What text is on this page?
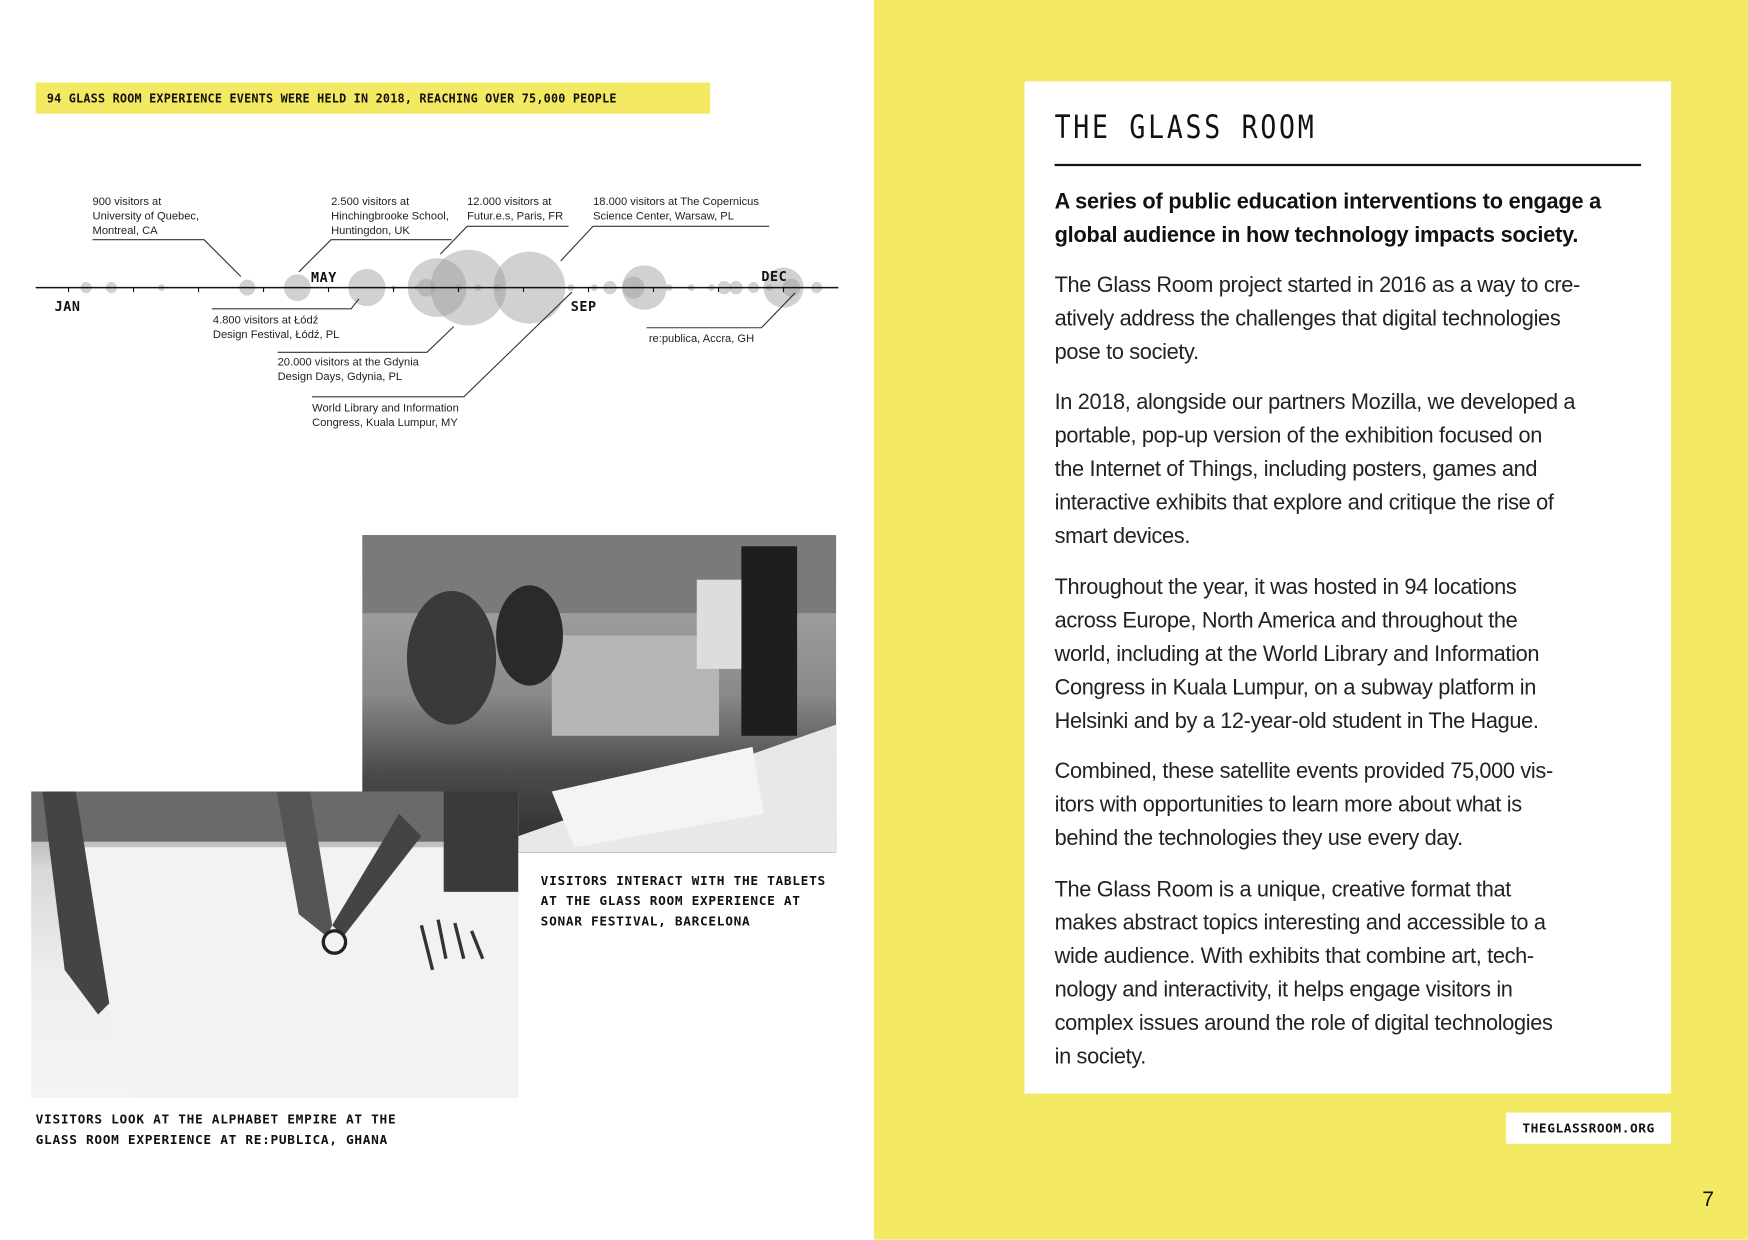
94 GLASS ROOM EXPERIENCE EVENTS WERE HELD IN 2018, REACHING OVER 75,000 PEOPLE
JAN
MAY
SEP
DEC
900 visitors at
University of Quebec,
Montreal, CA
2.500 visitors at
Hinchingbrooke School,
Huntingdon, UK
12.000 visitors at
Futur.e.s, Paris, FR
18.000 visitors at The Copernicus
Science Center, Warsaw, PL
4.800 visitors at Łódź
Design Festival, Łódź, PL
20.000 visitors at the Gdynia
Design Days, Gdynia, PL
World Library and Information
Congress, Kuala Lumpur, MY
re:publica, Accra, GH
VISITORS INTERACT WITH THE TABLETS
AT THE GLASS ROOM EXPERIENCE AT
SONAR FESTIVAL, BARCELONA
VISITORS LOOK AT THE ALPHABET EMPIRE AT THE
GLASS ROOM EXPERIENCE AT RE:PUBLICA, GHANA
THE GLASS ROOM
A series of public education interventions to engage a
global audience in how technology impacts society.
The Glass Room project started in 2016 as a way to cre-
atively address the challenges that digital technologies
pose to society.
In 2018, alongside our partners Mozilla, we developed a
portable, pop-up version of the exhibition focused on
the Internet of Things, including posters, games and
interactive exhibits that explore and critique the rise of
smart devices.
Throughout the year, it was hosted in 94 locations
across Europe, North America and throughout the
world, including at the World Library and Information
Congress in Kuala Lumpur, on a subway platform in
Helsinki and by a 12-year-old student in The Hague.
Combined, these satellite events provided 75,000 vis-
itors with opportunities to learn more about what is
behind the technologies they use every day.
The Glass Room is a unique, creative format that
makes abstract topics interesting and accessible to a
wide audience. With exhibits that combine art, tech-
nology and interactivity, it helps engage visitors in
complex issues around the role of digital technologies
in society.
THEGLASSROOM.ORG
7
